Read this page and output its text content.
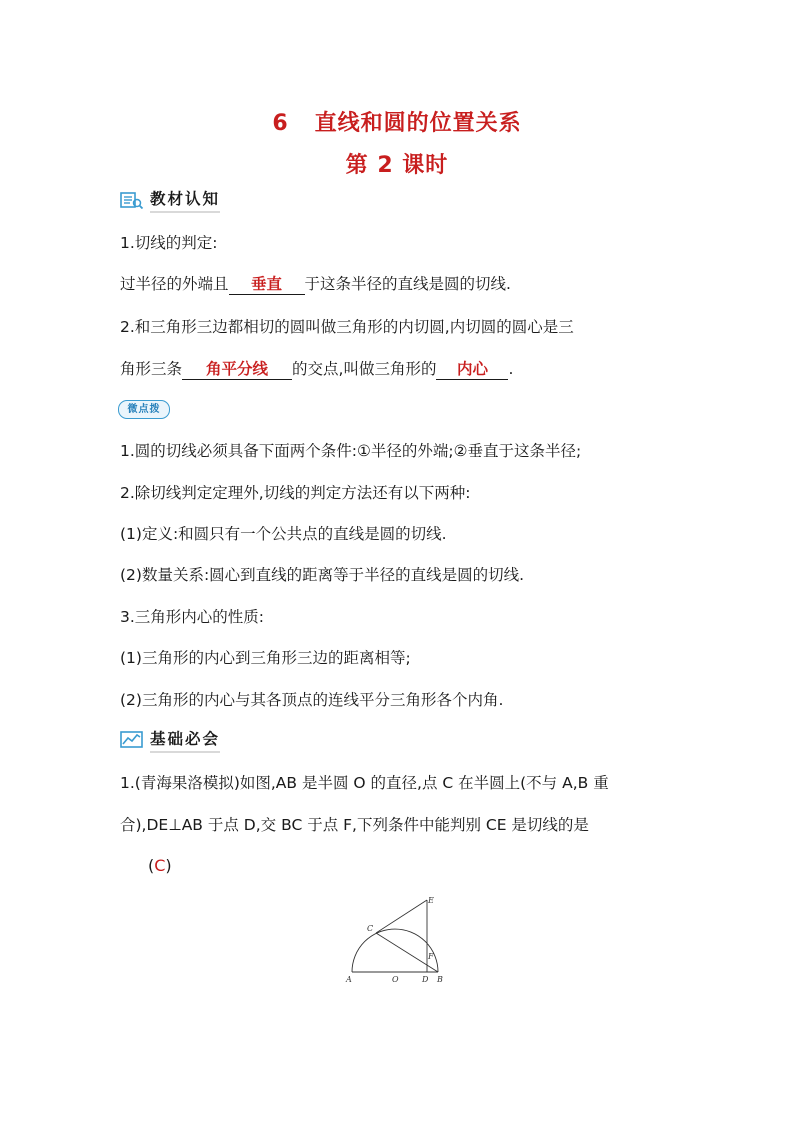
6 直线和圆的位置关系
第 2 课时
教材认知
1.切线的判定:
过半径的外端且 垂直 于这条半径的直线是圆的切线.
2.和三角形三边都相切的圆叫做三角形的内切圆,内切圆的圆心是三
角形三条 角平分线 的交点,叫做三角形的 内心 .
微点拨
1.圆的切线必须具备下面两个条件:①半径的外端;②垂直于这条半径;
2.除切线判定定理外,切线的判定方法还有以下两种:
(1)定义:和圆只有一个公共点的直线是圆的切线.
(2)数量关系:圆心到直线的距离等于半径的直线是圆的切线.
3.三角形内心的性质:
(1)三角形的内心到三角形三边的距离相等;
(2)三角形的内心与其各顶点的连线平分三角形各个内角.
基础必会
1.(青海果洛模拟)如图,AB 是半圆 O 的直径,点 C 在半圆上(不与 A,B 重
合),DE⊥AB 于点 D,交 BC 于点 F,下列条件中能判别 CE 是切线的是
(C)
A	O	D B
C
E
F
